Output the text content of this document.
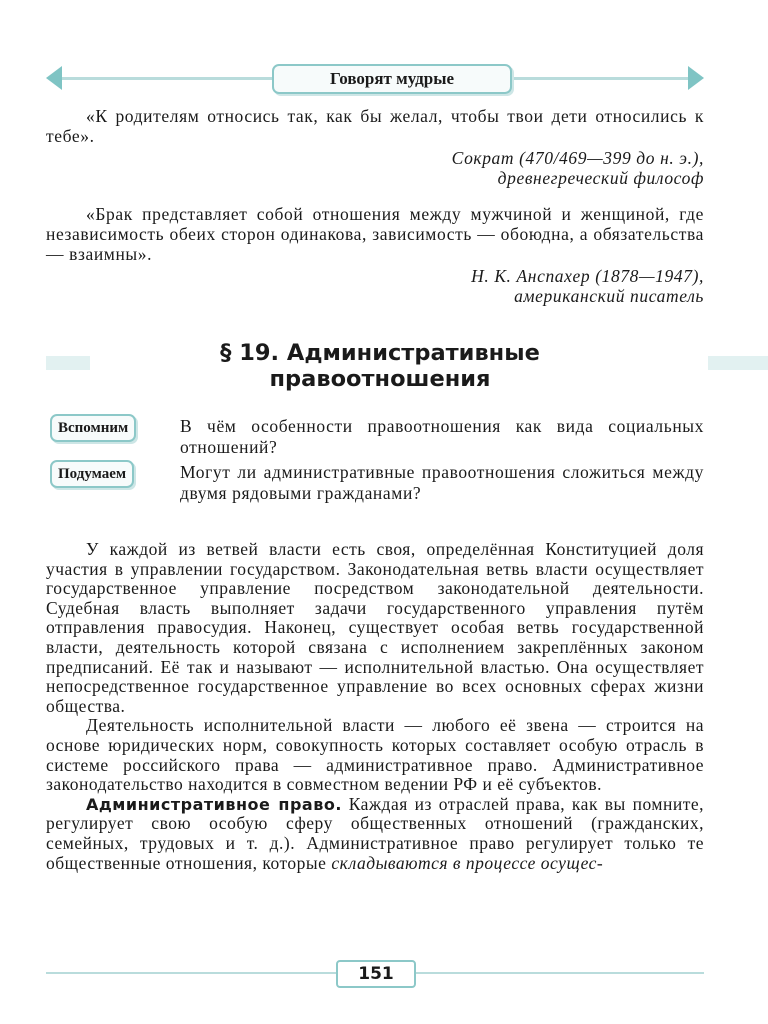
Говорят мудрые
«К родителям относись так, как бы желал, чтобы твои дети относились к тебе».
Сократ (470/469—399 до н. э.),
древнегреческий философ
«Брак представляет собой отношения между мужчиной и женщиной, где независимость обеих сторон одинакова, зависимость — обоюдна, а обязательства — взаимны».
Н. К. Анспахер (1878—1947),
американский писатель
§ 19. Административные
правоотношения
Вспомним	В чём особенности правоотношения как вида социальных отношений?
Подумаем	Могут ли административные правоотношения сложиться между двумя рядовыми гражданами?

У каждой из ветвей власти есть своя, определённая Конституцией доля участия в управлении государством. Законодательная ветвь власти осуществляет государственное управление посредством законодательной деятельности. Судебная власть выполняет задачи государственного управления путём отправления правосудия. Наконец, существует особая ветвь государственной власти, деятельность которой связана с исполнением закреплённых законом предписаний. Её так и называют — исполнительной властью. Она осуществляет непосредственное государственное управление во всех основных сферах жизни общества.

Деятельность исполнительной власти — любого её звена — строится на основе юридических норм, совокупность которых составляет особую отрасль в системе российского права — административное право. Административное законодательство находится в совместном ведении РФ и её субъектов.

Административное право. Каждая из отраслей права, как вы помните, регулирует свою особую сферу общественных отношений (гражданских, семейных, трудовых и т. д.). Административное право регулирует только те общественные отношения, которые складываются в процессе осущес-

151
